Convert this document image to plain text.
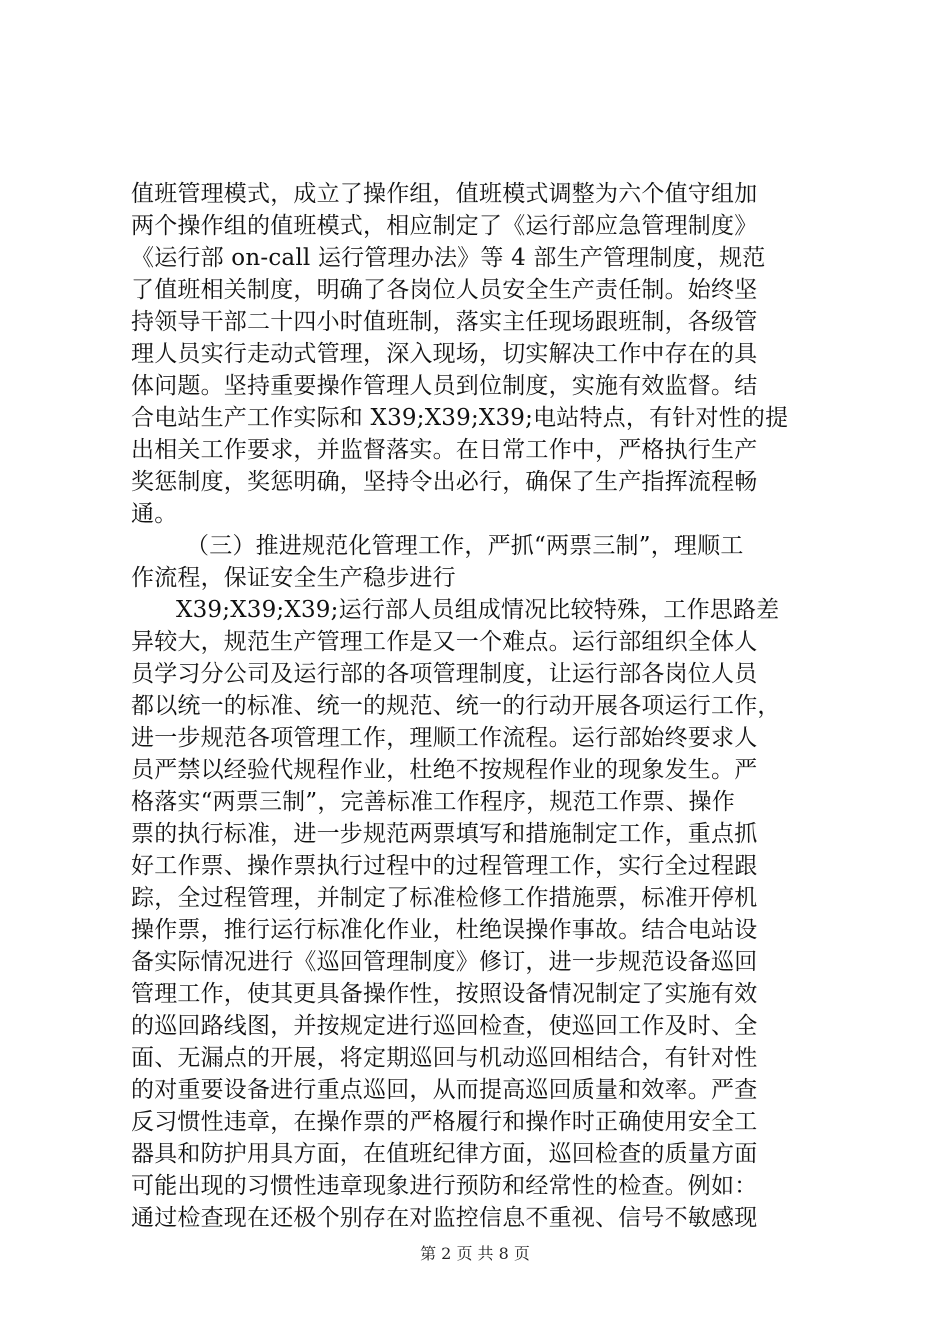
值班管理模式，成立了操作组，值班模式调整为六个值守组加
两个操作组的值班模式，相应制定了《运行部应急管理制度》
《运行部 on-call 运行管理办法》等 4 部生产管理制度，规范
了值班相关制度，明确了各岗位人员安全生产责任制。始终坚
持领导干部二十四小时值班制，落实主任现场跟班制，各级管
理人员实行走动式管理，深入现场，切实解决工作中存在的具
体问题。坚持重要操作管理人员到位制度，实施有效监督。结
合电站生产工作实际和 X39;X39;X39;电站特点，有针对性的提
出相关工作要求，并监督落实。在日常工作中，严格执行生产
奖惩制度，奖惩明确，坚持令出必行，确保了生产指挥流程畅
通。
（三）推进规范化管理工作，严抓“两票三制”，理顺工
作流程，保证安全生产稳步进行
X39;X39;X39;运行部人员组成情况比较特殊，工作思路差
异较大，规范生产管理工作是又一个难点。运行部组织全体人
员学习分公司及运行部的各项管理制度，让运行部各岗位人员
都以统一的标准、统一的规范、统一的行动开展各项运行工作，
进一步规范各项管理工作，理顺工作流程。运行部始终要求人
员严禁以经验代规程作业，杜绝不按规程作业的现象发生。严
格落实“两票三制”，完善标准工作程序，规范工作票、操作
票的执行标准，进一步规范两票填写和措施制定工作，重点抓
好工作票、操作票执行过程中的过程管理工作，实行全过程跟
踪，全过程管理，并制定了标准检修工作措施票，标准开停机
操作票，推行运行标准化作业，杜绝误操作事故。结合电站设
备实际情况进行《巡回管理制度》修订，进一步规范设备巡回
管理工作，使其更具备操作性，按照设备情况制定了实施有效
的巡回路线图，并按规定进行巡回检查，使巡回工作及时、全
面、无漏点的开展，将定期巡回与机动巡回相结合，有针对性
的对重要设备进行重点巡回，从而提高巡回质量和效率。严查
反习惯性违章，在操作票的严格履行和操作时正确使用安全工
器具和防护用具方面，在值班纪律方面，巡回检查的质量方面
可能出现的习惯性违章现象进行预防和经常性的检查。例如：
通过检查现在还极个别存在对监控信息不重视、信号不敏感现
第 2 页 共 8 页
